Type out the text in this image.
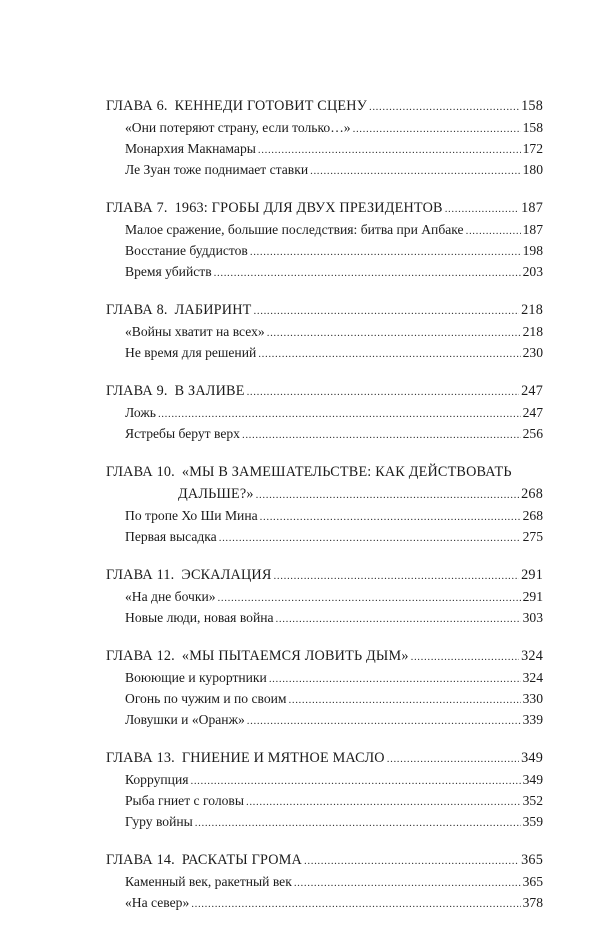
ГЛАВА 6. КЕННЕДИ ГОТОВИТ СЦЕНУ .....	158
«Они потеряют страну, если только…» .....	158
Монархия Макнамары .....	172
Ле Зуан тоже поднимает ставки .....	180
ГЛАВА 7. 1963: ГРОБЫ ДЛЯ ДВУХ ПРЕЗИДЕНТОВ .....	187
Малое сражение, большие последствия: битва при Апбаке .....	187
Восстание буддистов .....	198
Время убийств .....	203
ГЛАВА 8. ЛАБИРИНТ .....	218
«Войны хватит на всех» .....	218
Не время для решений .....	230
ГЛАВА 9. В ЗАЛИВЕ .....	247
Ложь .....	247
Ястребы берут верх .....	256
ГЛАВА 10. «МЫ В ЗАМЕШАТЕЛЬСТВЕ: КАК ДЕЙСТВОВАТЬ
ДАЛЬШЕ?» .....	268
По тропе Хо Ши Мина .....	268
Первая высадка .....	275
ГЛАВА 11. ЭСКАЛАЦИЯ .....	291
«На дне бочки» .....	291
Новые люди, новая война .....	303
ГЛАВА 12. «МЫ ПЫТАЕМСЯ ЛОВИТЬ ДЫМ» .....	324
Воюющие и курортники .....	324
Огонь по чужим и по своим .....	330
Ловушки и «Оранж» .....	339
ГЛАВА 13. ГНИЕНИЕ И МЯТНОЕ МАСЛО .....	349
Коррупция .....	349
Рыба гниет с головы .....	352
Гуру войны .....	359
ГЛАВА 14. РАСКАТЫ ГРОМА .....	365
Каменный век, ракетный век .....	365
«На север» .....	378
